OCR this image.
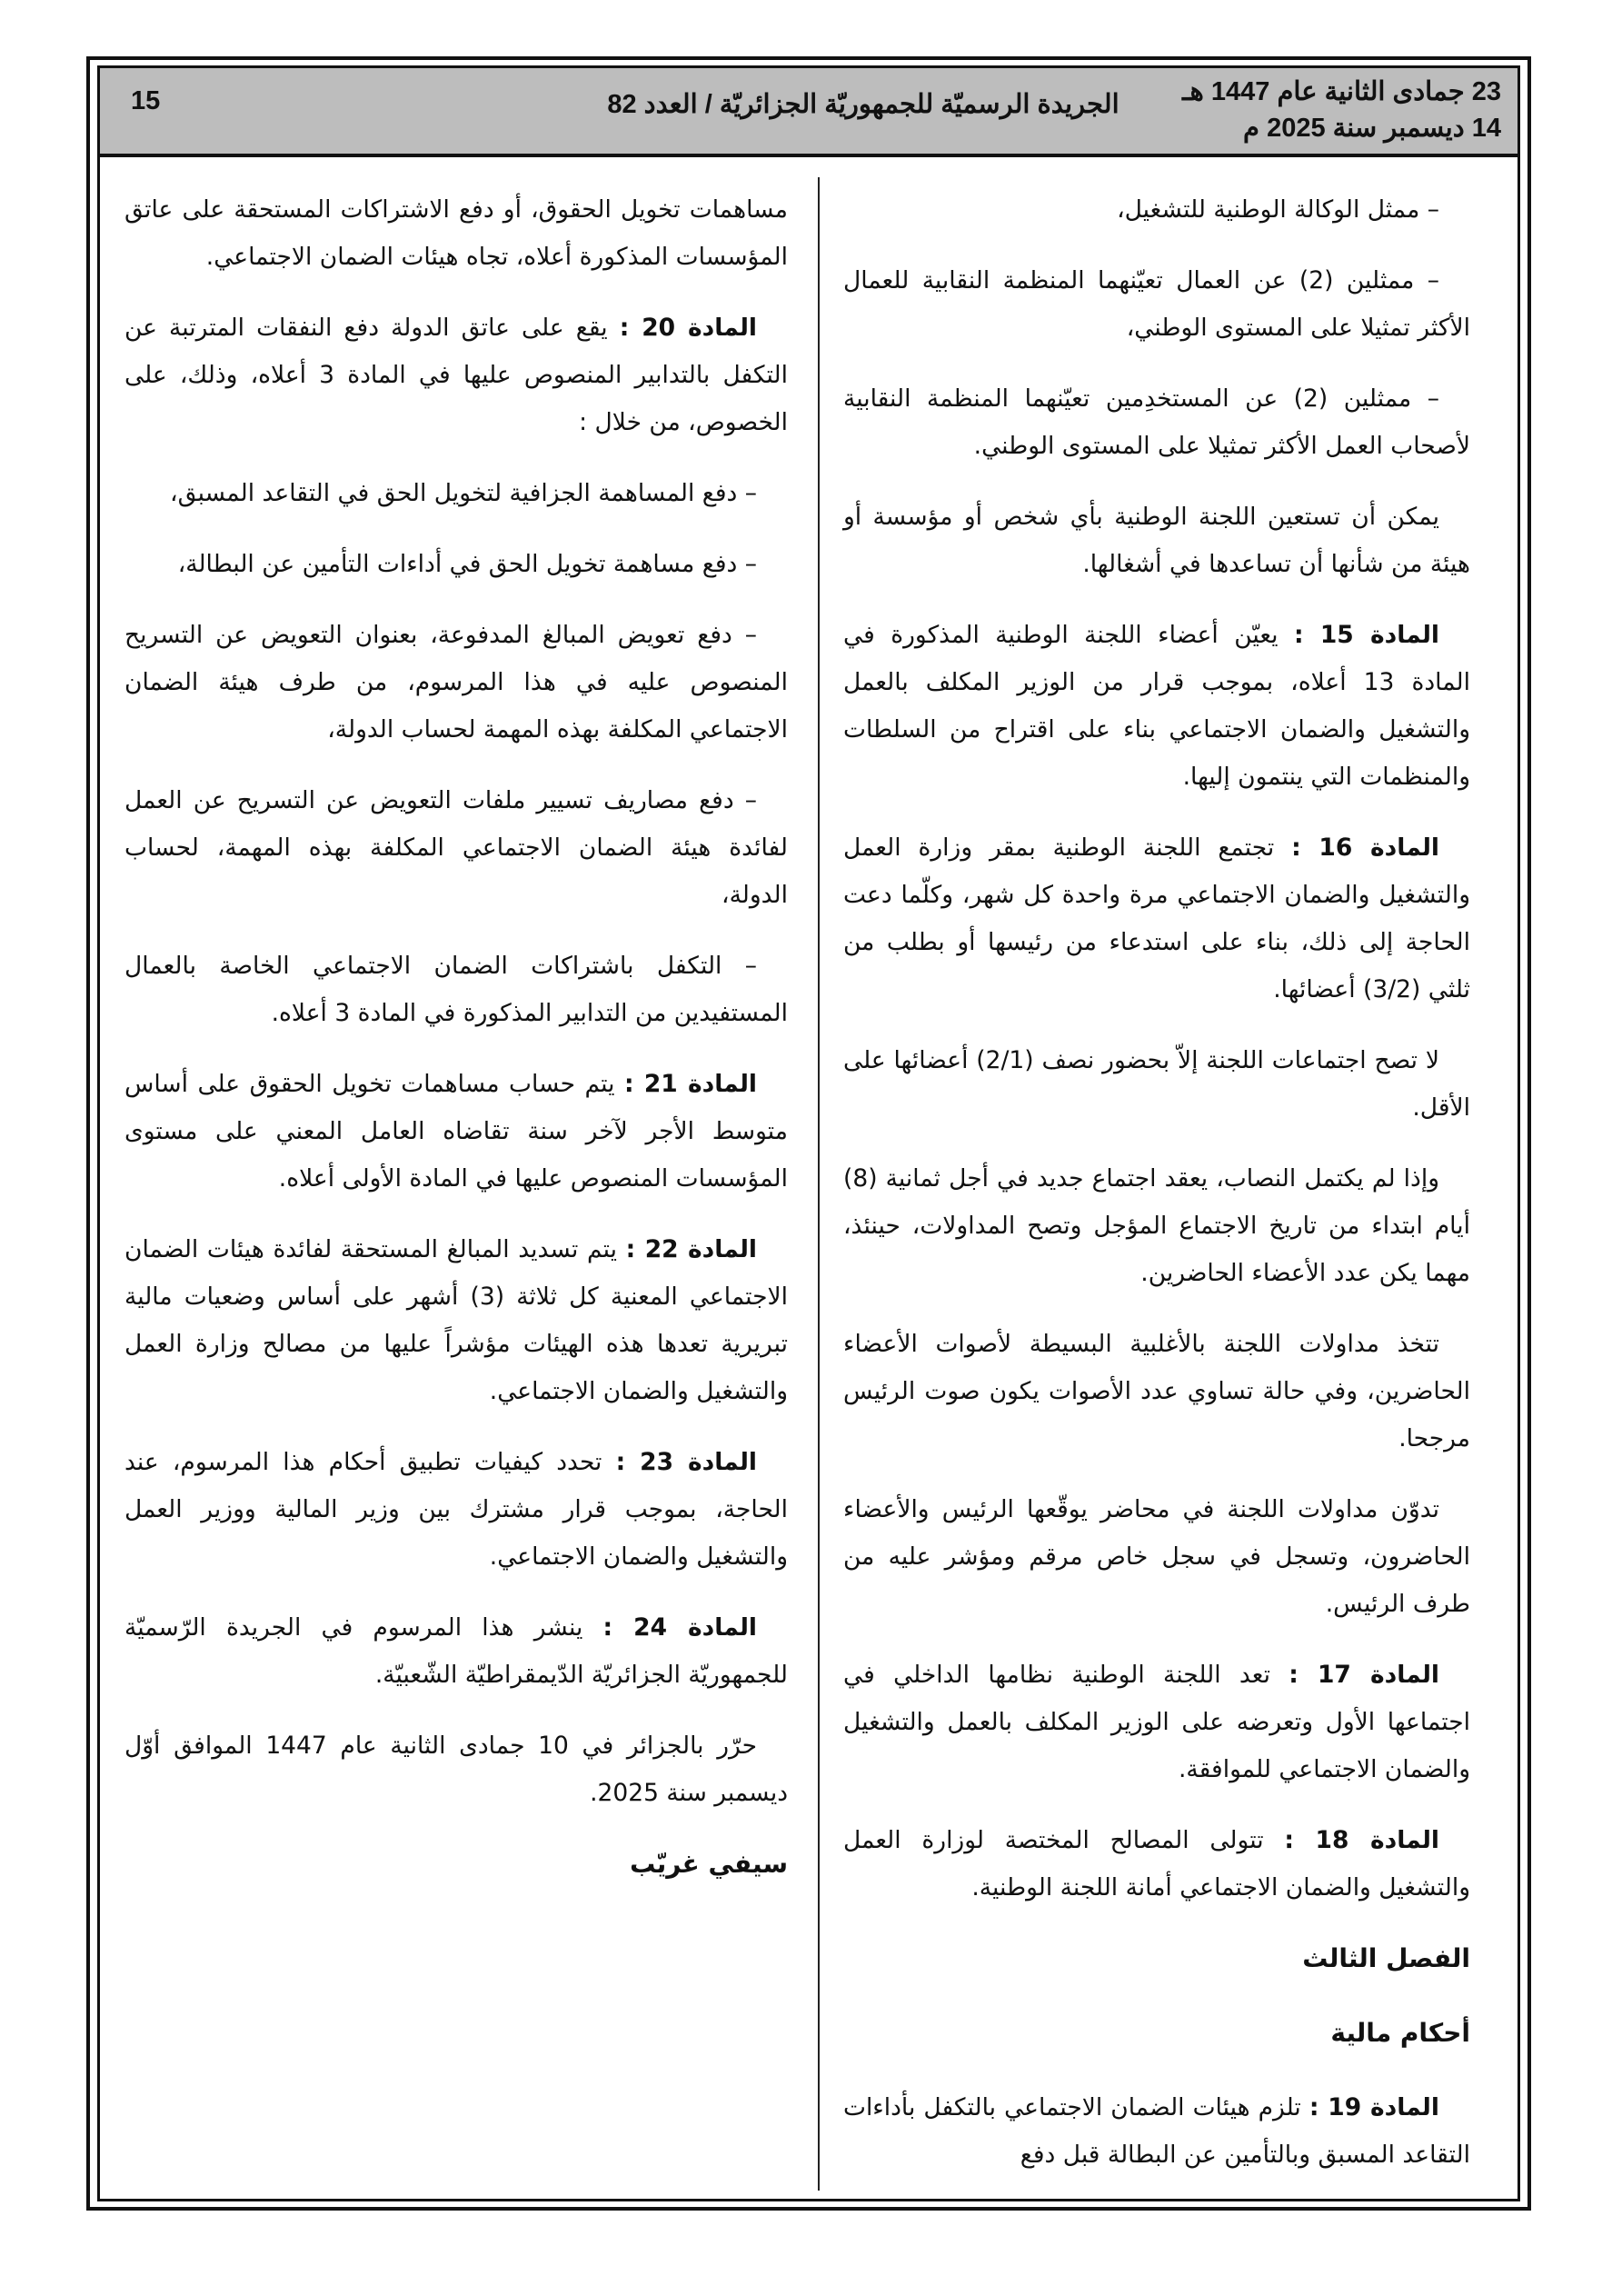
23 جمادى الثانية عام 1447 هـ
14 ديسمبر سنة 2025 م
الجريدة الرسميّة للجمهوريّة الجزائريّة / العدد 82
15

– ممثل الوكالة الوطنية للتشغيل،

– ممثلين (2) عن العمال تعيّنهما المنظمة النقابية للعمال الأكثر تمثيلا على المستوى الوطني،

– ممثلين (2) عن المستخدِمين تعيّنهما المنظمة النقابية لأصحاب العمل الأكثر تمثيلا على المستوى الوطني.

يمكن أن تستعين اللجنة الوطنية بأي شخص أو مؤسسة أو هيئة من شأنها أن تساعدها في أشغالها.

المادة 15 : يعيّن أعضاء اللجنة الوطنية المذكورة في المادة 13 أعلاه، بموجب قرار من الوزير المكلف بالعمل والتشغيل والضمان الاجتماعي بناء على اقتراح من السلطات والمنظمات التي ينتمون إليها.

المادة 16 : تجتمع اللجنة الوطنية بمقر وزارة العمل والتشغيل والضمان الاجتماعي مرة واحدة كل شهر، وكلّما دعت الحاجة إلى ذلك، بناء على استدعاء من رئيسها أو بطلب من ثلثي (3/2) أعضائها.

لا تصح اجتماعات اللجنة إلاّ بحضور نصف (2/1) أعضائها على الأقل.

وإذا لم يكتمل النصاب، يعقد اجتماع جديد في أجل ثمانية (8) أيام ابتداء من تاريخ الاجتماع المؤجل وتصح المداولات، حينئذ، مهما يكن عدد الأعضاء الحاضرين.

تتخذ مداولات اللجنة بالأغلبية البسيطة لأصوات الأعضاء الحاضرين، وفي حالة تساوي عدد الأصوات يكون صوت الرئيس مرجحا.

تدوّن مداولات اللجنة في محاضر يوقّعها الرئيس والأعضاء الحاضرون، وتسجل في سجل خاص مرقم ومؤشر عليه من طرف الرئيس.

المادة 17 : تعد اللجنة الوطنية نظامها الداخلي في اجتماعها الأول وتعرضه على الوزير المكلف بالعمل والتشغيل والضمان الاجتماعي للموافقة.

المادة 18 : تتولى المصالح المختصة لوزارة العمل والتشغيل والضمان الاجتماعي أمانة اللجنة الوطنية.

الفصل الثالث
أحكام مالية

المادة 19 : تلزم هيئات الضمان الاجتماعي بالتكفل بأداءات التقاعد المسبق وبالتأمين عن البطالة قبل دفع

مساهمات تخويل الحقوق، أو دفع الاشتراكات المستحقة على عاتق المؤسسات المذكورة أعلاه، تجاه هيئات الضمان الاجتماعي.

المادة 20 : يقع على عاتق الدولة دفع النفقات المترتبة عن التكفل بالتدابير المنصوص عليها في المادة 3 أعلاه، وذلك، على الخصوص، من خلال :

– دفع المساهمة الجزافية لتخويل الحق في التقاعد المسبق،

– دفع مساهمة تخويل الحق في أداءات التأمين عن البطالة،

– دفع تعويض المبالغ المدفوعة، بعنوان التعويض عن التسريح المنصوص عليه في هذا المرسوم، من طرف هيئة الضمان الاجتماعي المكلفة بهذه المهمة لحساب الدولة،

– دفع مصاريف تسيير ملفات التعويض عن التسريح عن العمل لفائدة هيئة الضمان الاجتماعي المكلفة بهذه المهمة، لحساب الدولة،

– التكفل باشتراكات الضمان الاجتماعي الخاصة بالعمال المستفيدين من التدابير المذكورة في المادة 3 أعلاه.

المادة 21 : يتم حساب مساهمات تخويل الحقوق على أساس متوسط الأجر لآخر سنة تقاضاه العامل المعني على مستوى المؤسسات المنصوص عليها في المادة الأولى أعلاه.

المادة 22 : يتم تسديد المبالغ المستحقة لفائدة هيئات الضمان الاجتماعي المعنية كل ثلاثة (3) أشهر على أساس وضعيات مالية تبريرية تعدها هذه الهيئات مؤشراً عليها من مصالح وزارة العمل والتشغيل والضمان الاجتماعي.

المادة 23 : تحدد كيفيات تطبيق أحكام هذا المرسوم، عند الحاجة، بموجب قرار مشترك بين وزير المالية ووزير العمل والتشغيل والضمان الاجتماعي.

المادة 24 : ينشر هذا المرسوم في الجريدة الرّسميّة للجمهوريّة الجزائريّة الدّيمقراطيّة الشّعبيّة.

حرّر بالجزائر في 10 جمادى الثانية عام 1447 الموافق أوّل ديسمبر سنة 2025.

سيفي غريّب
